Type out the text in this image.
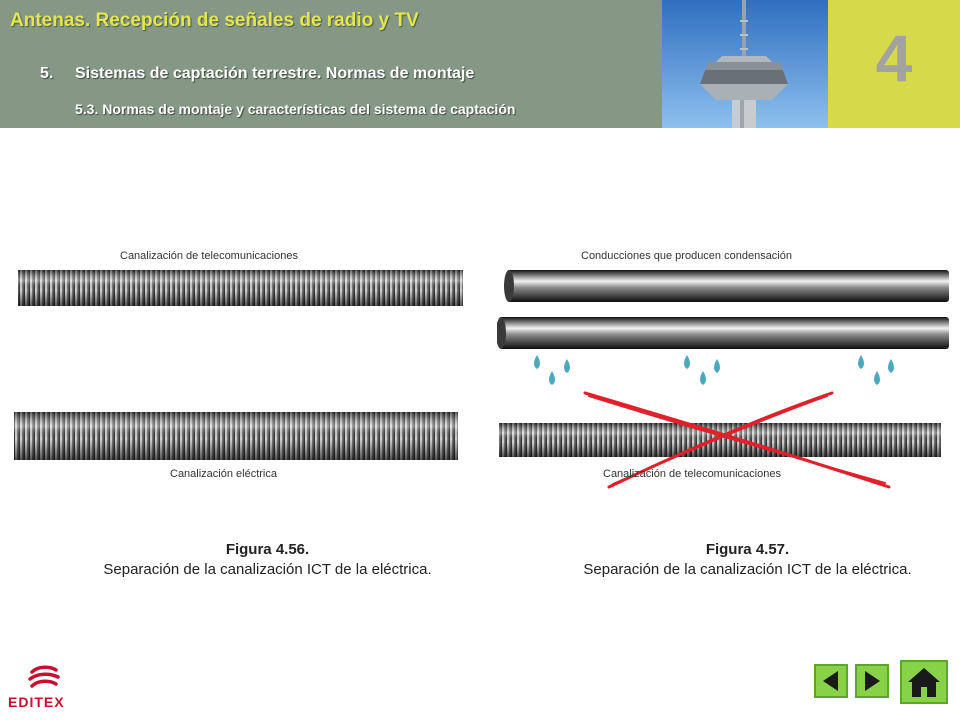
Antenas. Recepción de señales de radio y TV
5. Sistemas de captación terrestre. Normas de montaje
5.3. Normas de montaje y características del sistema de captación
4
Canalización de telecomunicaciones
Canalización eléctrica
Conducciones que producen condensación
Canalización de telecomunicaciones
Figura 4.56.
Separación de la canalización ICT de la eléctrica.
Figura 4.57.
Separación de la canalización ICT de la eléctrica.
EDITEX
